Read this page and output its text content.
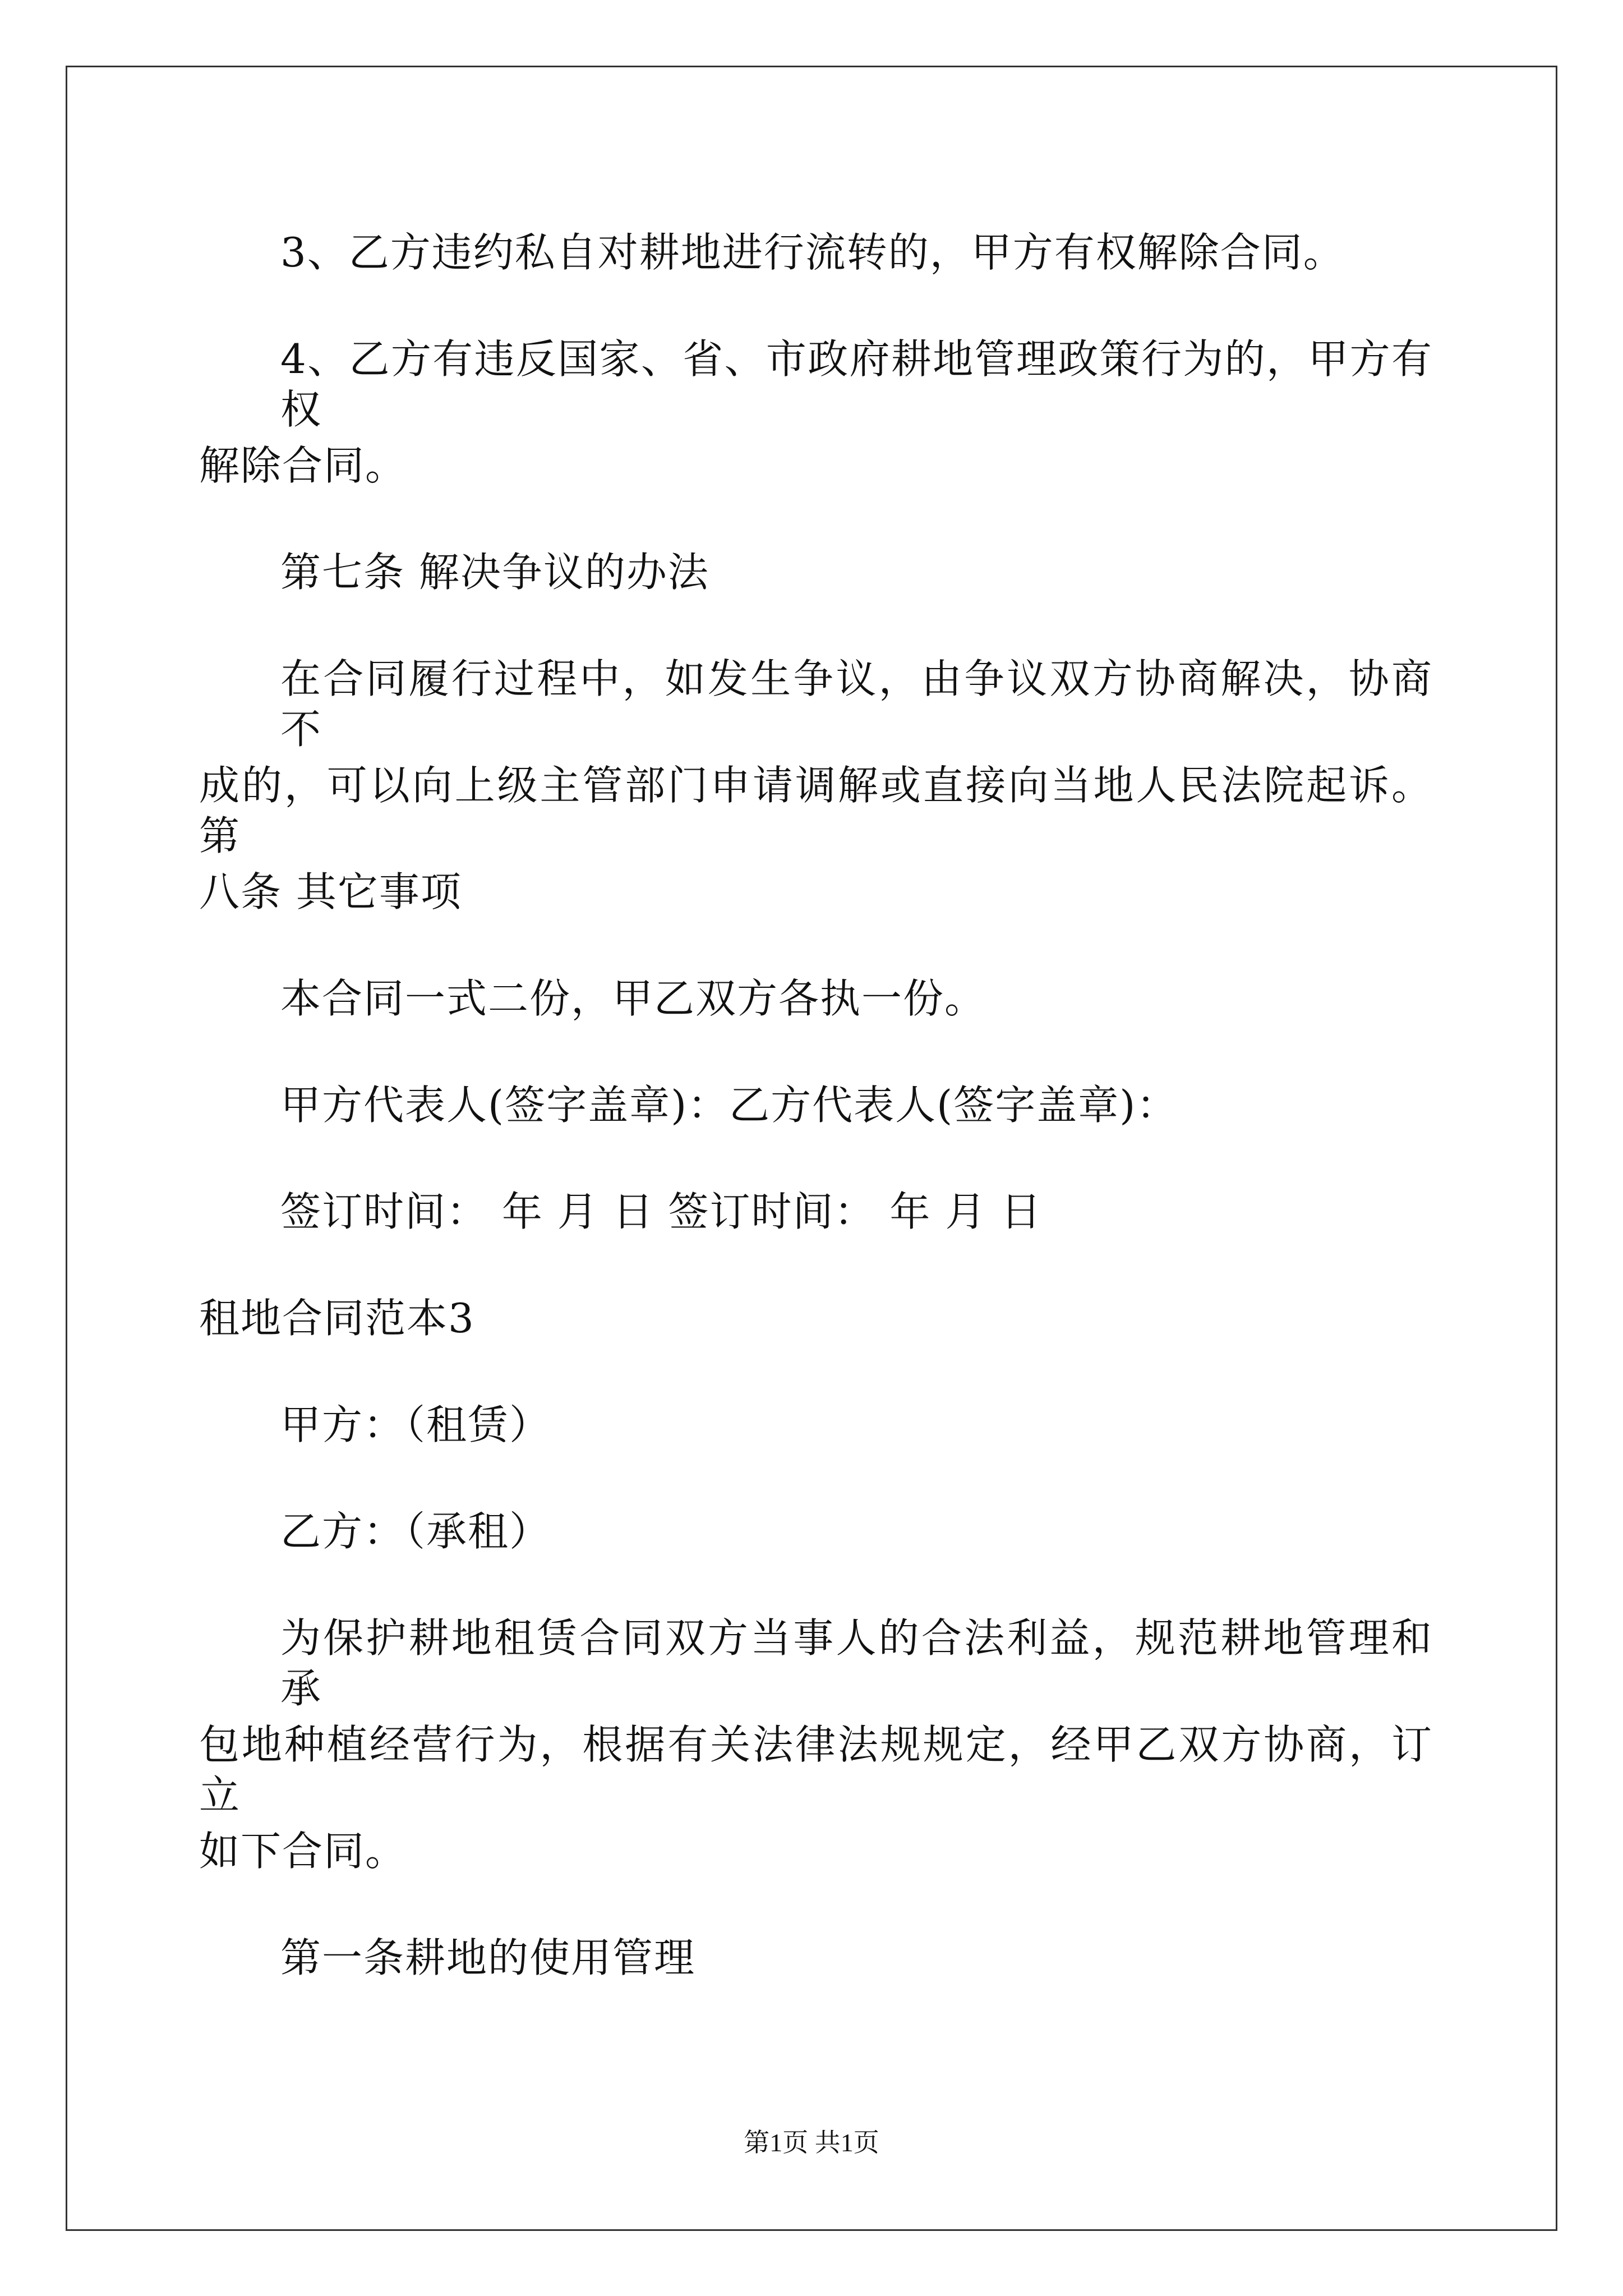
3、乙方违约私自对耕地进行流转的，甲方有权解除合同。
4、乙方有违反国家、省、市政府耕地管理政策行为的，甲方有权
解除合同。
第七条 解决争议的办法
在合同履行过程中，如发生争议，由争议双方协商解决，协商不
成的，可以向上级主管部门申请调解或直接向当地人民法院起诉。 第
八条 其它事项
本合同一式二份，甲乙双方各执一份。
甲方代表人(签字盖章)：乙方代表人(签字盖章)：
签订时间： 年 月 日 签订时间： 年 月 日
租地合同范本3
甲方：（租赁）
乙方：（承租）
为保护耕地租赁合同双方当事人的合法利益，规范耕地管理和承
包地种植经营行为，根据有关法律法规规定，经甲乙双方协商，订立
如下合同。
第一条耕地的使用管理
第1页 共1页
